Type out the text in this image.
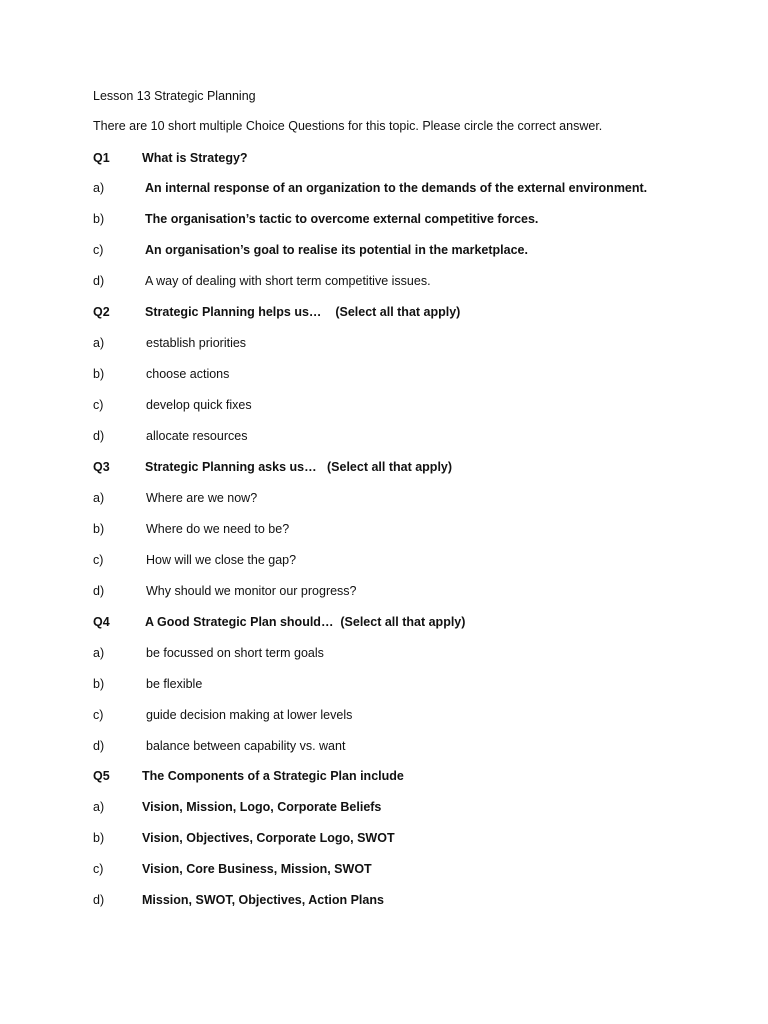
Lesson 13 Strategic Planning
There are 10 short multiple Choice Questions for this topic. Please circle the correct answer.
Q1	What is Strategy?
a)	An internal response of an organization to the demands of the external environment.
b)	The organisation’s tactic to overcome external competitive forces.
c)	An organisation’s goal to realise its potential in the marketplace.
d)	A way of dealing with short term competitive issues.
Q2	Strategic Planning helps us…    (Select all that apply)
a)	establish priorities
b)	choose actions
c)	develop quick fixes
d)	allocate resources
Q3	Strategic Planning asks us…   (Select all that apply)
a)	Where are we now?
b)	Where do we need to be?
c)	How will we close the gap?
d)	Why should we monitor our progress?
Q4	A Good Strategic Plan should…  (Select all that apply)
a)	be focussed on short term goals
b)	be flexible
c)	guide decision making at lower levels
d)	balance between capability vs. want
Q5	The Components of a Strategic Plan include
a)	Vision, Mission, Logo, Corporate Beliefs
b)	Vision, Objectives, Corporate Logo, SWOT
c)	Vision, Core Business, Mission, SWOT
d)	Mission, SWOT, Objectives, Action Plans
